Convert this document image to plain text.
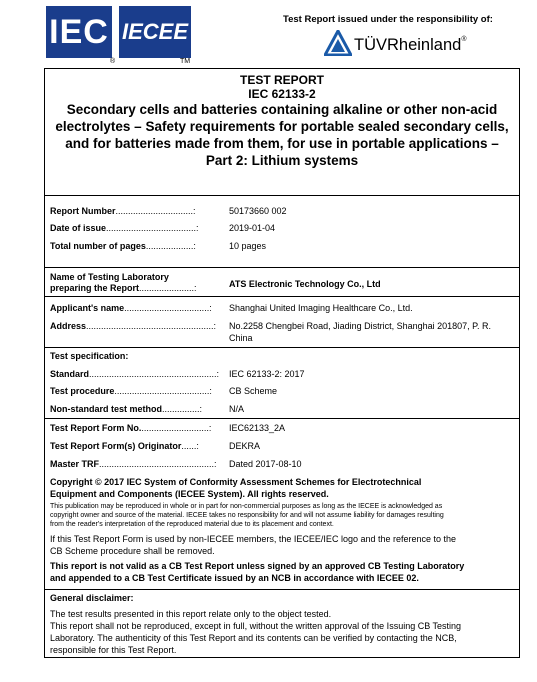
IEC
®
IECEE
TM
Test Report issued under the responsibility of:
TÜVRheinland®
TEST REPORT
IEC 62133-2
Secondary cells and batteries containing alkaline or other non-acid electrolytes – Safety requirements for portable sealed secondary cells, and for batteries made from them, for use in portable applications –
Part 2: Lithium systems
Report Number...............................:	50173660 002
Date of issue....................................:	2019-01-04
Total number of pages...................:	10 pages
Name of Testing Laboratory
preparing the Report......................:	ATS Electronic Technology Co., Ltd
Applicant's name..................................: Shanghai United Imaging Healthcare Co., Ltd.
Address...................................................: No.2258 Chengbei Road, Jiading District, Shanghai 201807, P. R.
China
Test specification:
Standard...................................................: IEC 62133-2: 2017
Test procedure......................................: CB Scheme
Non-standard test method...............:	N/A
Test Report Form No............................: IEC62133_2A
Test Report Form(s) Originator......:	DEKRA
Master TRF..............................................: Dated 2017-08-10
Copyright © 2017 IEC System of Conformity Assessment Schemes for Electrotechnical
Equipment and Components (IECEE System). All rights reserved.
This publication may be reproduced in whole or in part for non-commercial purposes as long as the IECEE is acknowledged as
copyright owner and source of the material. IECEE takes no responsibility for and will not assume liability for damages resulting
from the reader's interpretation of the reproduced material due to its placement and context.
If this Test Report Form is used by non-IECEE members, the IECEE/IEC logo and the reference to the
CB Scheme procedure shall be removed.
This report is not valid as a CB Test Report unless signed by an approved CB Testing Laboratory
and appended to a CB Test Certificate issued by an NCB in accordance with IECEE 02.
General disclaimer:
The test results presented in this report relate only to the object tested.
This report shall not be reproduced, except in full, without the written approval of the Issuing CB Testing
Laboratory. The authenticity of this Test Report and its contents can be verified by contacting the NCB,
responsible for this Test Report.
